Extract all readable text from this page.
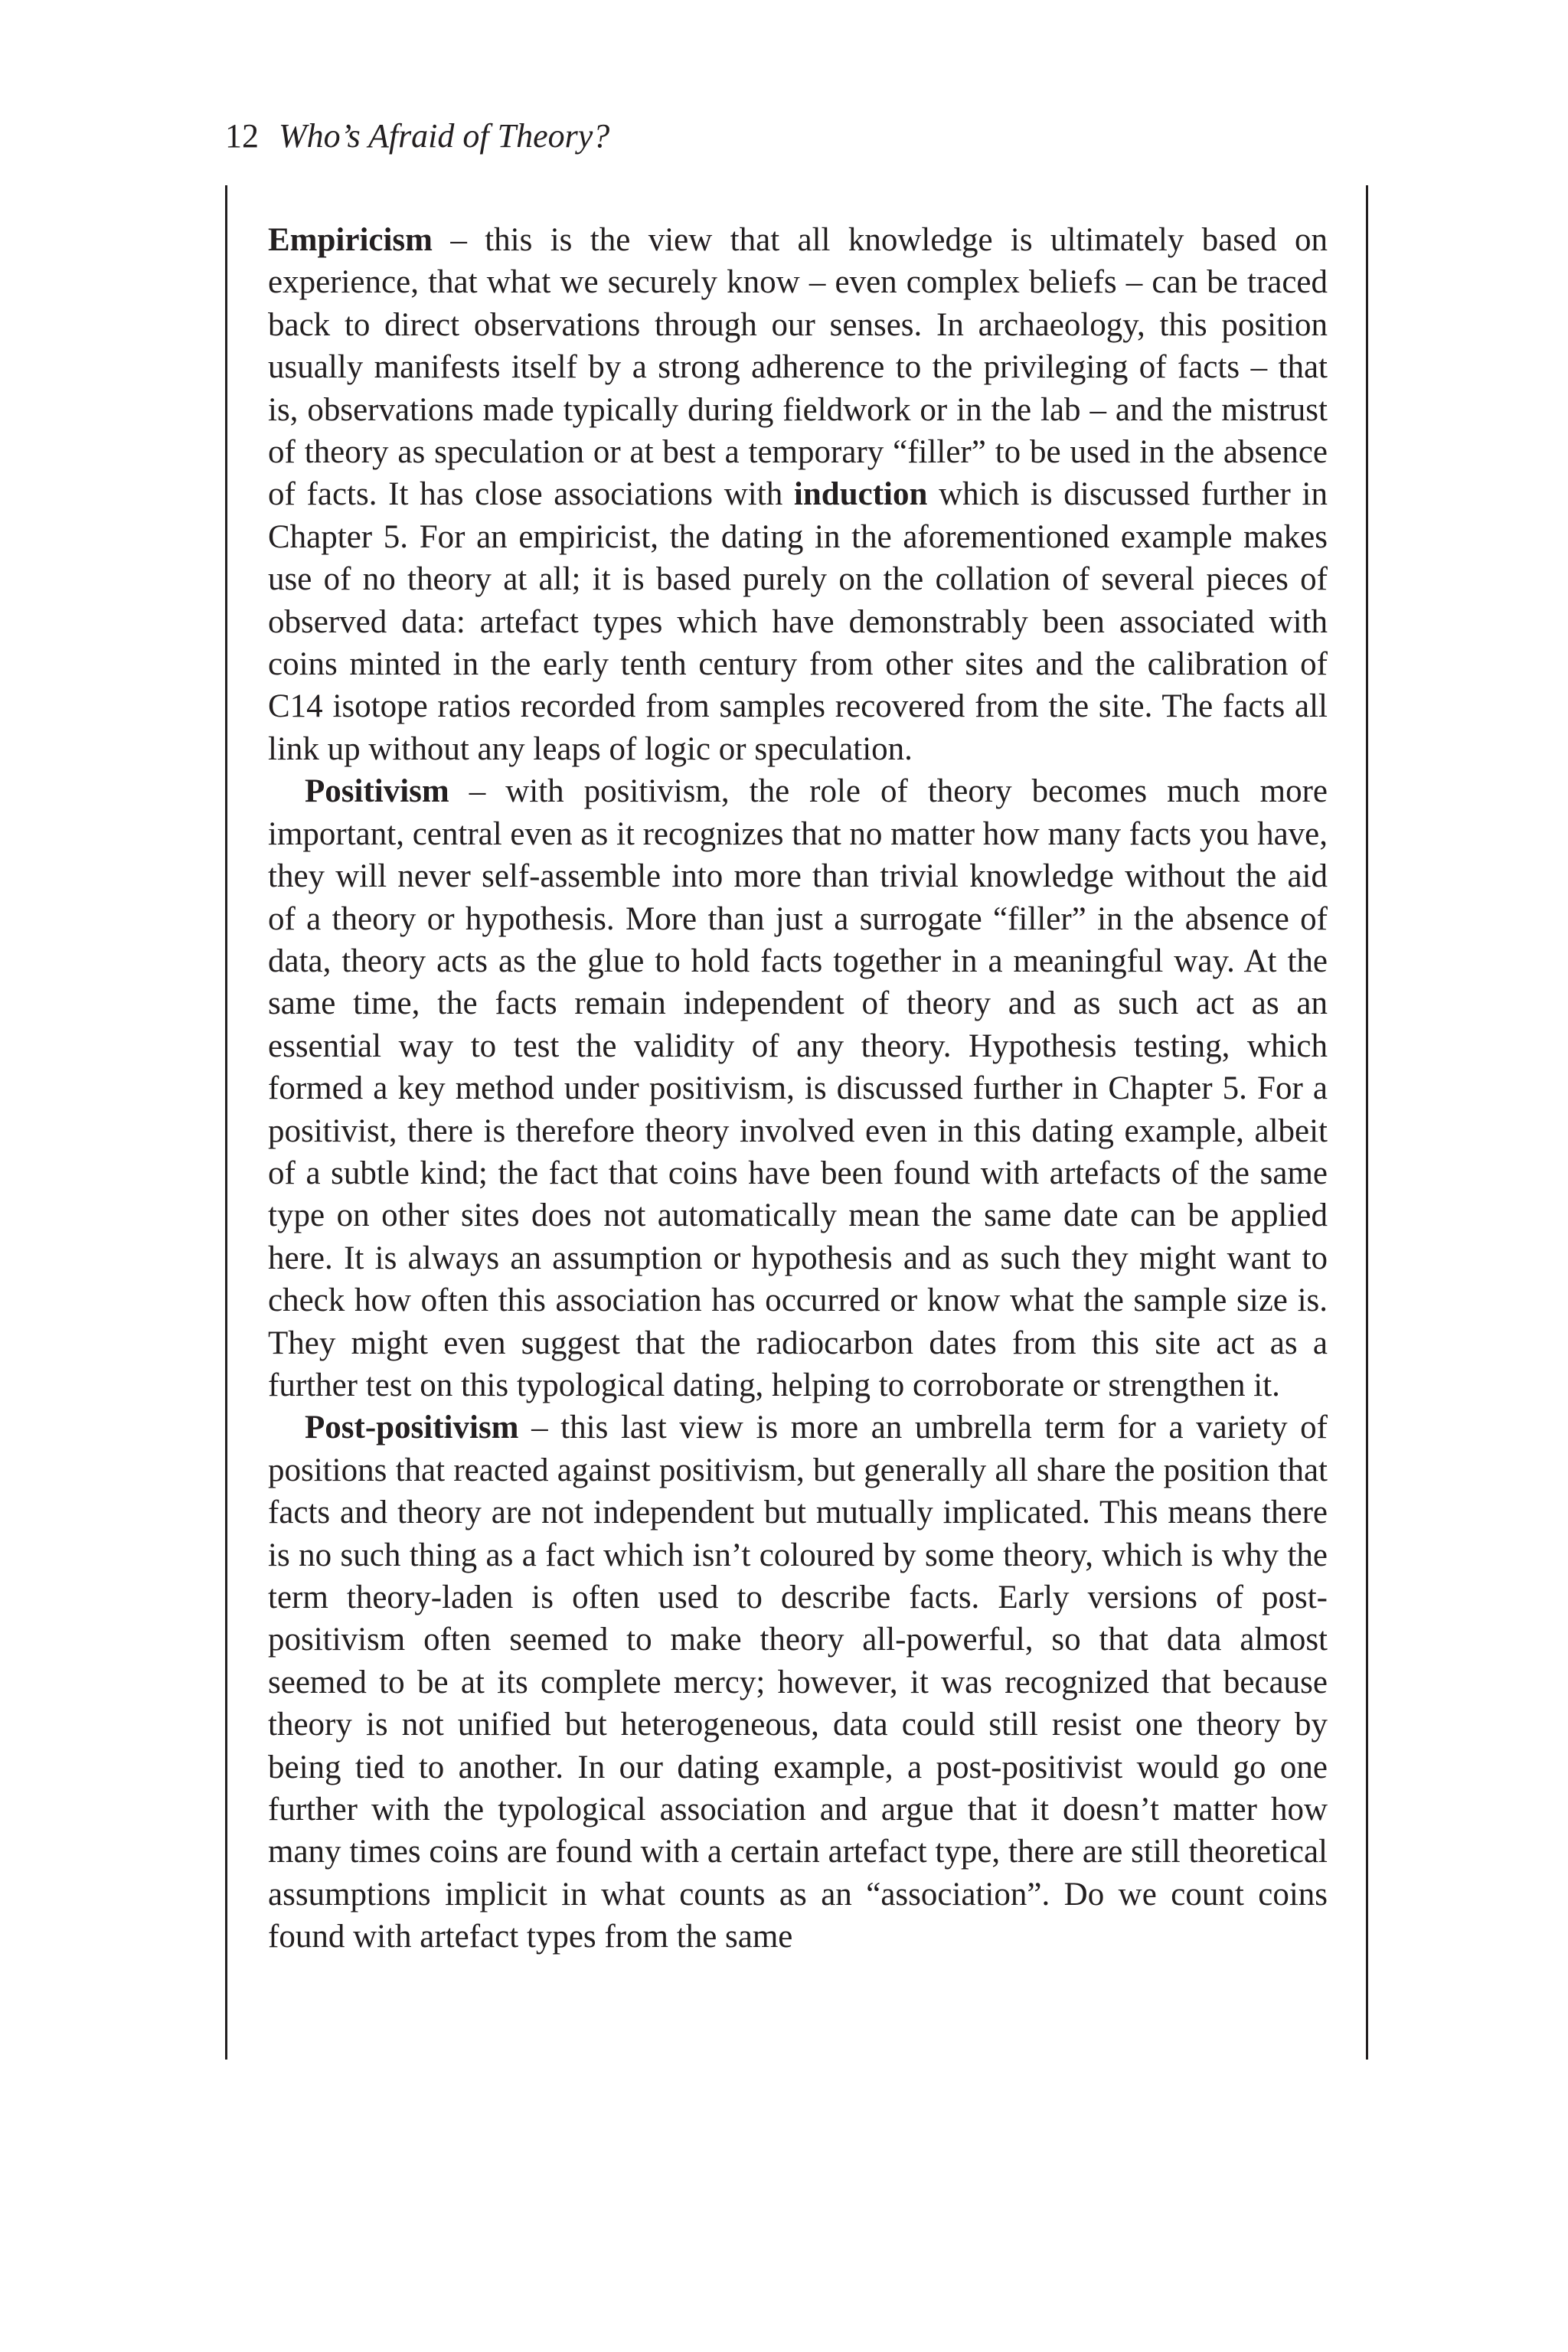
12 Who’s Afraid of Theory?

Empiricism – this is the view that all knowledge is ultimately based on experience, that what we securely know – even complex beliefs – can be traced back to direct observations through our senses. In archaeology, this position usually manifests itself by a strong adherence to the privileging of facts – that is, observations made typically during fieldwork or in the lab – and the mistrust of theory as speculation or at best a temporary “filler” to be used in the absence of facts. It has close associations with induction which is discussed further in Chapter 5. For an empiricist, the dating in the aforementioned example makes use of no theory at all; it is based purely on the collation of several pieces of observed data: artefact types which have demonstrably been associated with coins minted in the early tenth century from other sites and the calibration of C14 isotope ratios recorded from samples recovered from the site. The facts all link up without any leaps of logic or speculation.

Positivism – with positivism, the role of theory becomes much more important, central even as it recognizes that no matter how many facts you have, they will never self-assemble into more than trivial knowledge without the aid of a theory or hypothesis. More than just a surrogate “filler” in the absence of data, theory acts as the glue to hold facts together in a meaningful way. At the same time, the facts remain independent of theory and as such act as an essential way to test the validity of any theory. Hypothesis testing, which formed a key method under positivism, is discussed further in Chapter 5. For a positivist, there is therefore theory involved even in this dating example, albeit of a subtle kind; the fact that coins have been found with artefacts of the same type on other sites does not automatically mean the same date can be applied here. It is always an assumption or hypothesis and as such they might want to check how often this association has occurred or know what the sample size is. They might even suggest that the radiocarbon dates from this site act as a further test on this typological dating, helping to corroborate or strengthen it.

Post-positivism – this last view is more an umbrella term for a variety of positions that reacted against positivism, but generally all share the position that facts and theory are not independent but mutually implicated. This means there is no such thing as a fact which isn’t coloured by some theory, which is why the term theory-laden is often used to describe facts. Early versions of post-positivism often seemed to make theory all-powerful, so that data almost seemed to be at its complete mercy; however, it was recognized that because theory is not unified but heterogeneous, data could still resist one theory by being tied to another. In our dating example, a post-positivist would go one further with the typological association and argue that it doesn’t matter how many times coins are found with a certain artefact type, there are still theoretical assumptions implicit in what counts as an “association”. Do we count coins found with artefact types from the same
